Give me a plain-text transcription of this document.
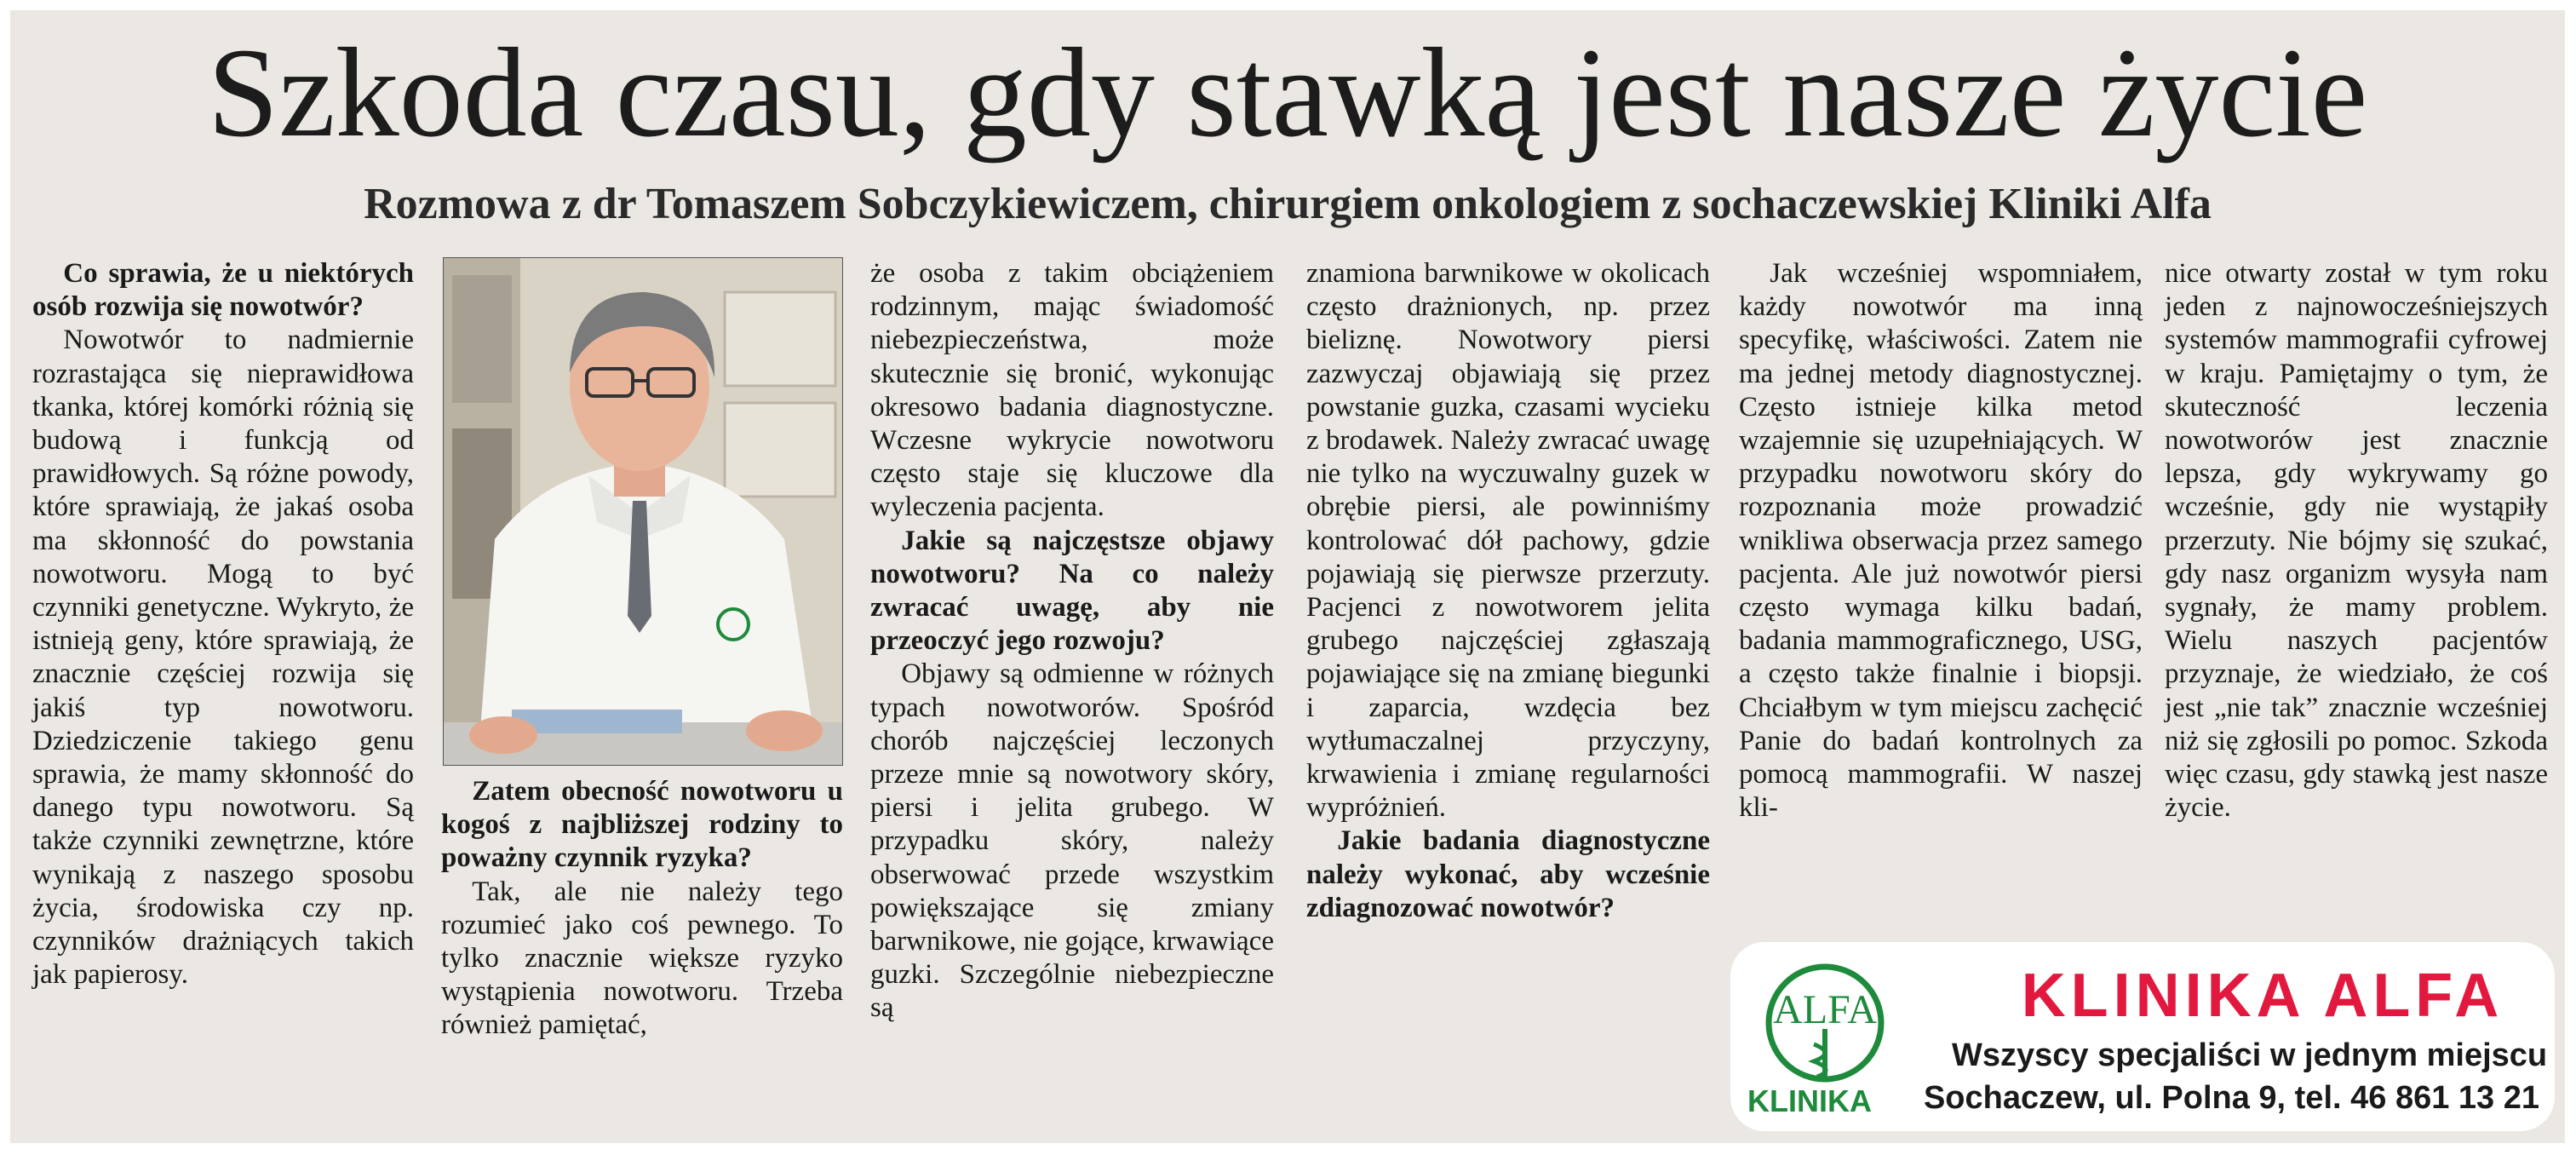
Szkoda czasu, gdy stawką jest nasze życie
Rozmowa z dr Tomaszem Sobczykiewiczem, chirurgiem onkologiem z sochaczewskiej Kliniki Alfa

Co sprawia, że u niektórych osób rozwija się nowotwór?

Nowotwór to nadmiernie rozrastająca się nieprawidłowa tkanka, której komórki różnią się budową i funkcją od prawidłowych. Są różne powody, które sprawiają, że jakaś osoba ma skłonność do powstania nowotworu. Mogą to być czynniki genetyczne. Wykryto, że istnieją geny, które sprawiają, że znacznie częściej rozwija się jakiś typ nowotworu. Dziedziczenie takiego genu sprawia, że mamy skłonność do danego typu nowotworu. Są także czynniki zewnętrzne, które wynikają z naszego sposobu życia, środowiska czy np. czynników drażniących takich jak papierosy.

Zatem obecność nowotworu u kogoś z najbliższej rodziny to poważny czynnik ryzyka?

Tak, ale nie należy tego rozumieć jako coś pewnego. To tylko znacznie większe ryzyko wystąpienia nowotworu. Trzeba również pamiętać,

że osoba z takim obciążeniem rodzinnym, mając świadomość niebezpieczeństwa, może skutecznie się bronić, wykonując okresowo badania diagnostyczne. Wczesne wykrycie nowotworu często staje się kluczowe dla wyleczenia pacjenta.

Jakie są najczęstsze objawy nowotworu? Na co należy zwracać uwagę, aby nie przeoczyć jego rozwoju?

Objawy są odmienne w różnych typach nowotworów. Spośród chorób najczęściej leczonych przeze mnie są nowotwory skóry, piersi i jelita grubego. W przypadku skóry, należy obserwować przede wszystkim powiększające się zmiany barwnikowe, nie gojące, krwawiące guzki. Szczególnie niebezpieczne są

znamiona barwnikowe w okolicach często drażnionych, np. przez bieliznę. Nowotwory piersi zazwyczaj objawiają się przez powstanie guzka, czasami wycieku z brodawek. Należy zwracać uwagę nie tylko na wyczuwalny guzek w obrębie piersi, ale powinniśmy kontrolować dół pachowy, gdzie pojawiają się pierwsze przerzuty. Pacjenci z nowotworem jelita grubego najczęściej zgłaszają pojawiające się na zmianę biegunki i zaparcia, wzdęcia bez wytłumaczalnej przyczyny, krwawienia i zmianę regularności wypróżnień.

Jakie badania diagnostyczne należy wykonać, aby wcześnie zdiagnozować nowotwór?

Jak wcześniej wspomniałem, każdy nowotwór ma inną specyfikę, właściwości. Zatem nie ma jednej metody diagnostycznej. Często istnieje kilka metod wzajemnie się uzupełniających. W przypadku nowotworu skóry do rozpoznania może prowadzić wnikliwa obserwacja przez samego pacjenta. Ale już nowotwór piersi często wymaga kilku badań, badania mammograficznego, USG, a często także finalnie i biopsji. Chciałbym w tym miejscu zachęcić Panie do badań kontrolnych za pomocą mammografii. W naszej kli-

nice otwarty został w tym roku jeden z najnowocześniejszych systemów mammografii cyfrowej w kraju. Pamiętajmy o tym, że skuteczność leczenia nowotworów jest znacznie lepsza, gdy wykrywamy go wcześnie, gdy nie wystąpiły przerzuty. Nie bójmy się szukać, gdy nasz organizm wysyła nam sygnały, że mamy problem. Wielu naszych pacjentów przyznaje, że wiedziało, że coś jest „nie tak” znacznie wcześniej niż się zgłosili po pomoc. Szkoda więc czasu, gdy stawką jest nasze życie.

ALFA
KLINIKA
KLINIKA ALFA
Wszyscy specjaliści w jednym miejscu
Sochaczew, ul. Polna 9, tel. 46 861 13 21
